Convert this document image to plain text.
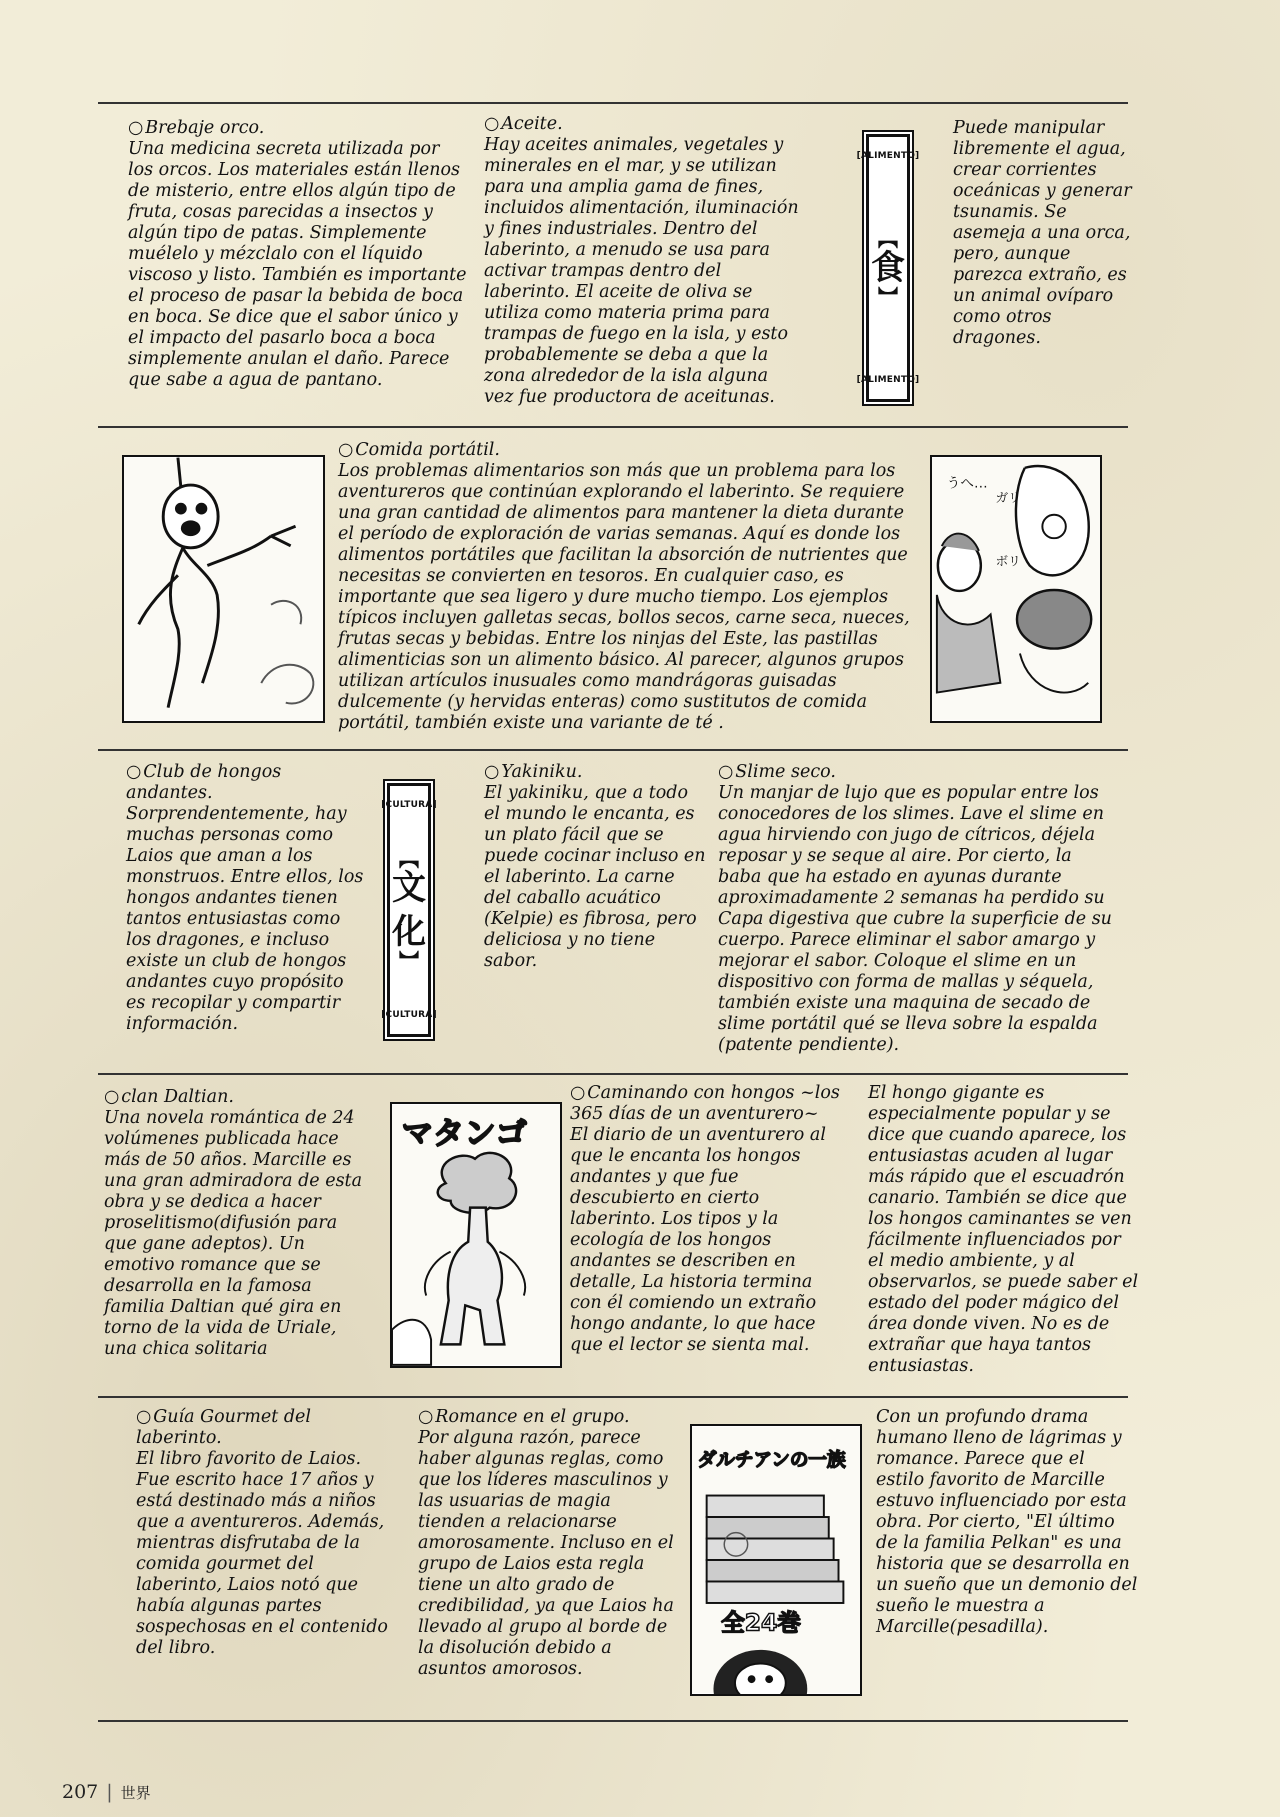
○ Brebaje orco.
Una medicina secreta utilizada por los orcos. Los materiales están llenos de misterio, entre ellos algún tipo de fruta, cosas parecidas a insectos y algún tipo de patas. Simplemente muélelo y mézclalo con el líquido viscoso y listo. También es importante el proceso de pasar la bebida de boca en boca. Se dice que el sabor único y el impacto del pasarlo boca a boca simplemente anulan el daño. Parece que sabe a agua de pantano.
○ Aceite.
Hay aceites animales, vegetales y minerales en el mar, y se utilizan para una amplia gama de fines, incluidos alimentación, iluminación y fines industriales. Dentro del laberinto, a menudo se usa para activar trampas dentro del laberinto. El aceite de oliva se utiliza como materia prima para trampas de fuego en la isla, y esto probablemente se deba a que la zona alrededor de la isla alguna vez fue productora de aceitunas.
[ALIMENTO]
︻
食
︼
[ALIMENTO]
Puede manipular libremente el agua, crear corrientes oceánicas y generar tsunamis. Se asemeja a una orca, pero, aunque parezca extraño, es un animal ovíparo como otros dragones.
○ Comida portátil.
Los problemas alimentarios son más que un problema para los aventureros que continúan explorando el laberinto. Se requiere una gran cantidad de alimentos para mantener la dieta durante el período de exploración de varias semanas. Aquí es donde los alimentos portátiles que facilitan la absorción de nutrientes que necesitas se convierten en tesoros. En cualquier caso, es importante que sea ligero y dure mucho tiempo. Los ejemplos típicos incluyen galletas secas, bollos secos, carne seca, nueces, frutas secas y bebidas. Entre los ninjas del Este, las pastillas alimenticias son un alimento básico. Al parecer, algunos grupos utilizan artículos inusuales como mandrágoras guisadas dulcemente (y hervidas enteras) como sustitutos de comida portátil, también existe una variante de té .
うへ…
ガリ
ボリ
○ Club de hongos andantes.
Sorprendentemente, hay muchas personas como Laios que aman a los monstruos. Entre ellos, los hongos andantes tienen tantos entusiastas como los dragones, e incluso existe un club de hongos andantes cuyo propósito es recopilar y compartir información.
[CULTURA]
︻
文
化
︼
[CULTURA]
○ Yakiniku.
El yakiniku, que a todo el mundo le encanta, es un plato fácil que se puede cocinar incluso en el laberinto. La carne del caballo acuático (Kelpie) es fibrosa, pero deliciosa y no tiene sabor.
○ Slime seco.
Un manjar de lujo que es popular entre los conocedores de los slimes. Lave el slime en agua hirviendo con jugo de cítricos, déjela reposar y se seque al aire. Por cierto, la baba que ha estado en ayunas durante aproximadamente 2 semanas ha perdido su Capa digestiva que cubre la superficie de su cuerpo. Parece eliminar el sabor amargo y mejorar el sabor. Coloque el slime en un dispositivo con forma de mallas y séquela, también existe una maquina de secado de slime portátil qué se lleva sobre la espalda (patente pendiente).
○ clan Daltian.
Una novela romántica de 24 volúmenes publicada hace más de 50 años. Marcille es una gran admiradora de esta obra y se dedica a hacer proselitismo(difusión para que gane adeptos). Un emotivo romance que se desarrolla en la famosa familia Daltian qué gira en torno de la vida de Uriale, una chica solitaria
マタンゴ
○ Caminando con hongos ~los 365 días de un aventurero~
El diario de un aventurero al que le encanta los hongos andantes y que fue descubierto en cierto laberinto. Los tipos y la ecología de los hongos andantes se describen en detalle, La historia termina con él comiendo un extraño hongo andante, lo que hace que el lector se sienta mal.
El hongo gigante es especialmente popular y se dice que cuando aparece, los entusiastas acuden al lugar más rápido que el escuadrón canario. También se dice que los hongos caminantes se ven fácilmente influenciados por el medio ambiente, y al observarlos, se puede saber el estado del poder mágico del área donde viven. No es de extrañar que haya tantos entusiastas.
○ Guía Gourmet del laberinto.
El libro favorito de Laios. Fue escrito hace 17 años y está destinado más a niños que a aventureros. Además, mientras disfrutaba de la comida gourmet del laberinto, Laios notó que había algunas partes sospechosas en el contenido del libro.
○ Romance en el grupo.
Por alguna razón, parece haber algunas reglas, como que los líderes masculinos y las usuarias de magia tienden a relacionarse amorosamente. Incluso en el grupo de Laios esta regla tiene un alto grado de credibilidad, ya que Laios ha llevado al grupo al borde de la disolución debido a asuntos amorosos.
ダルチアンの一族
全24巻
Con un profundo drama humano lleno de lágrimas y romance. Parece que el estilo favorito de Marcille estuvo influenciado por esta obra. Por cierto, "El último de la familia Pelkan" es una historia que se desarrolla en un sueño que un demonio del sueño le muestra a Marcille(pesadilla).
207 | 世界
